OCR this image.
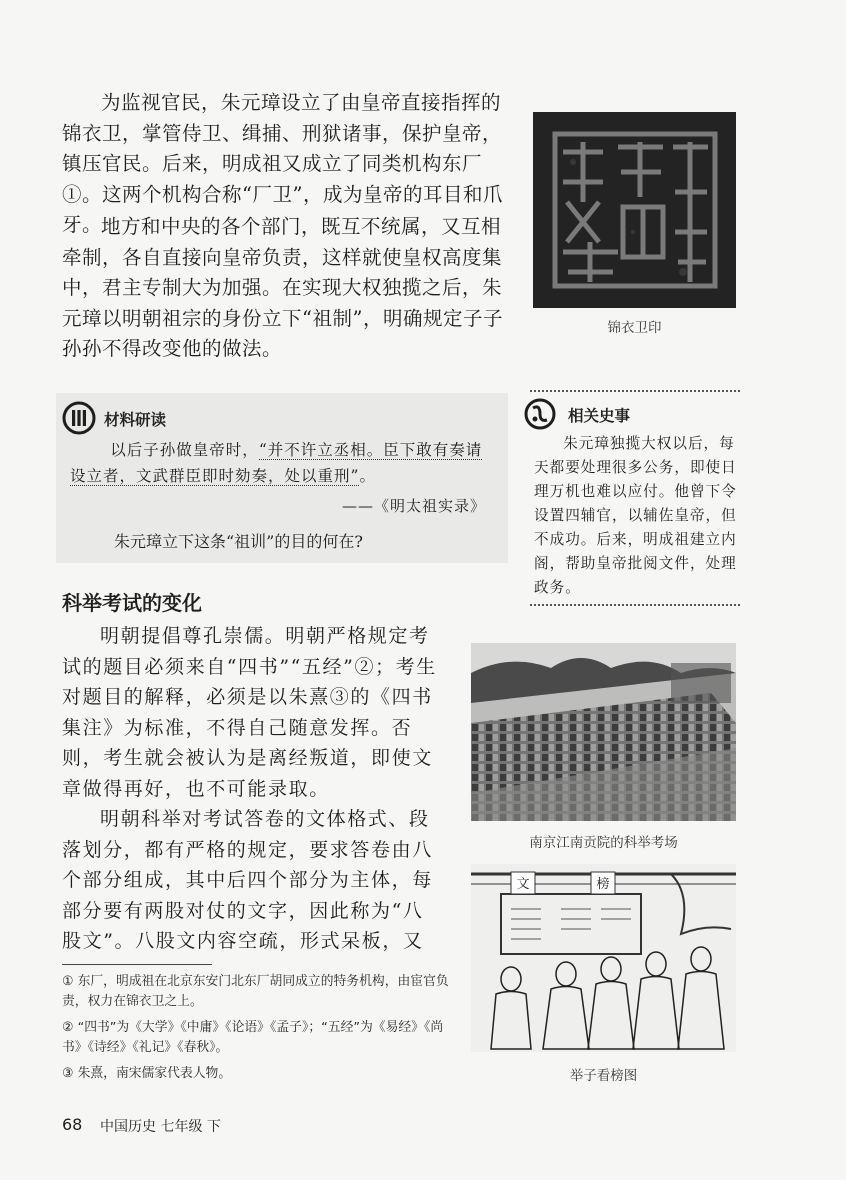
为监视官民，朱元璋设立了由皇帝直接指挥的锦衣卫，掌管侍卫、缉捕、刑狱诸事，保护皇帝，镇压官民。后来，明成祖又成立了同类机构东厂①。这两个机构合称“厂卫”，成为皇帝的耳目和爪牙。

地方和中央的各个部门，既互不统属，又互相牵制，各自直接向皇帝负责，这样就使皇权高度集中，君主专制大为加强。在实现大权独揽之后，朱元璋以明朝祖宗的身份立下“祖制”，明确规定子子孙孙不得改变他的做法。

锦衣卫印
材料研读
以后子孙做皇帝时，“并不许立丞相。臣下敢有奏请设立者，文武群臣即时劾奏，处以重刑”。
——《明太祖实录》
朱元璋立下这条“祖训”的目的何在?
相关史事
朱元璋独揽大权以后，每天都要处理很多公务，即使日理万机也难以应付。他曾下令设置四辅官，以辅佐皇帝，但不成功。后来，明成祖建立内阁，帮助皇帝批阅文件，处理政务。
科举考试的变化

明朝提倡尊孔崇儒。明朝严格规定考试的题目必须来自“四书”“五经”②；考生对题目的解释，必须是以朱熹③的《四书集注》为标准，不得自己随意发挥。否则，考生就会被认为是离经叛道，即使文章做得再好，也不可能录取。

明朝科举对考试答卷的文体格式、段落划分，都有严格的规定，要求答卷由八个部分组成，其中后四个部分为主体，每部分要有两股对仗的文字，因此称为“八股文”。八股文内容空疏，形式呆板，又

南京江南贡院的科举考场
文	榜
举子看榜图
① 东厂，明成祖在北京东安门北东厂胡同成立的特务机构，由宦官负责，权力在锦衣卫之上。
② “四书”为《大学》《中庸》《论语》《孟子》；“五经”为《易经》《尚书》《诗经》《礼记》《春秋》。
③ 朱熹，南宋儒家代表人物。
68 中国历史 七年级 下
